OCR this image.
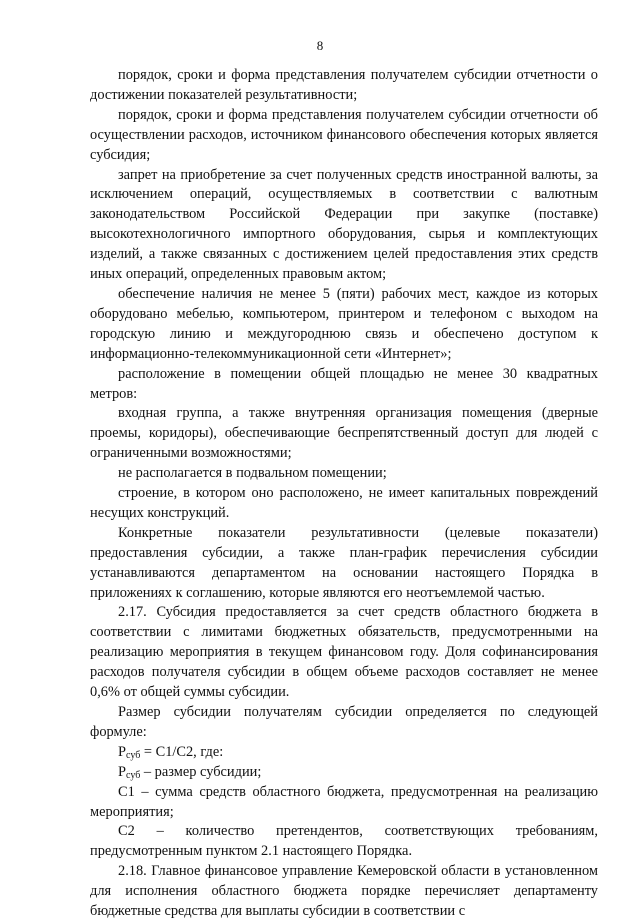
8

порядок, сроки и форма представления получателем субсидии отчетности о достижении показателей результативности;

порядок, сроки и форма представления получателем субсидии отчетности об осуществлении расходов, источником финансового обеспечения которых является субсидия;

запрет на приобретение за счет полученных средств иностранной валюты, за исключением операций, осуществляемых в соответствии с валютным законодательством Российской Федерации при закупке (поставке) высокотехнологичного импортного оборудования, сырья и комплектующих изделий, а также связанных с достижением целей предоставления этих средств иных операций, определенных правовым актом;

обеспечение наличия не менее 5 (пяти) рабочих мест, каждое из которых оборудовано мебелью, компьютером, принтером и телефоном с выходом на городскую линию и междугороднюю связь и обеспечено доступом к информационно-телекоммуникационной сети «Интернет»;

расположение в помещении общей площадью не менее 30 квадратных метров:

входная группа, а также внутренняя организация помещения (дверные проемы, коридоры), обеспечивающие беспрепятственный доступ для людей с ограниченными возможностями;

не располагается в подвальном помещении;

строение, в котором оно расположено, не имеет капитальных повреждений несущих конструкций.

Конкретные показатели результативности (целевые показатели) предоставления субсидии, а также план-график перечисления субсидии устанавливаются департаментом на основании настоящего Порядка в приложениях к соглашению, которые являются его неотъемлемой частью.

2.17. Субсидия предоставляется за счет средств областного бюджета в соответствии с лимитами бюджетных обязательств, предусмотренными на реализацию мероприятия в текущем финансовом году. Доля софинансирования расходов получателя субсидии в общем объеме расходов составляет не менее 0,6% от общей суммы субсидии.

Размер субсидии получателям субсидии определяется по следующей формуле:

$Р_{суб} = С1/С2$, где:

$Р_{суб}$ – размер субсидии;

С1 – сумма средств областного бюджета, предусмотренная на реализацию мероприятия;

С2 – количество претендентов, соответствующих требованиям, предусмотренным пунктом 2.1 настоящего Порядка.

2.18. Главное финансовое управление Кемеровской области в установленном для исполнения областного бюджета порядке перечисляет департаменту бюджетные средства для выплаты субсидии в соответствии с
